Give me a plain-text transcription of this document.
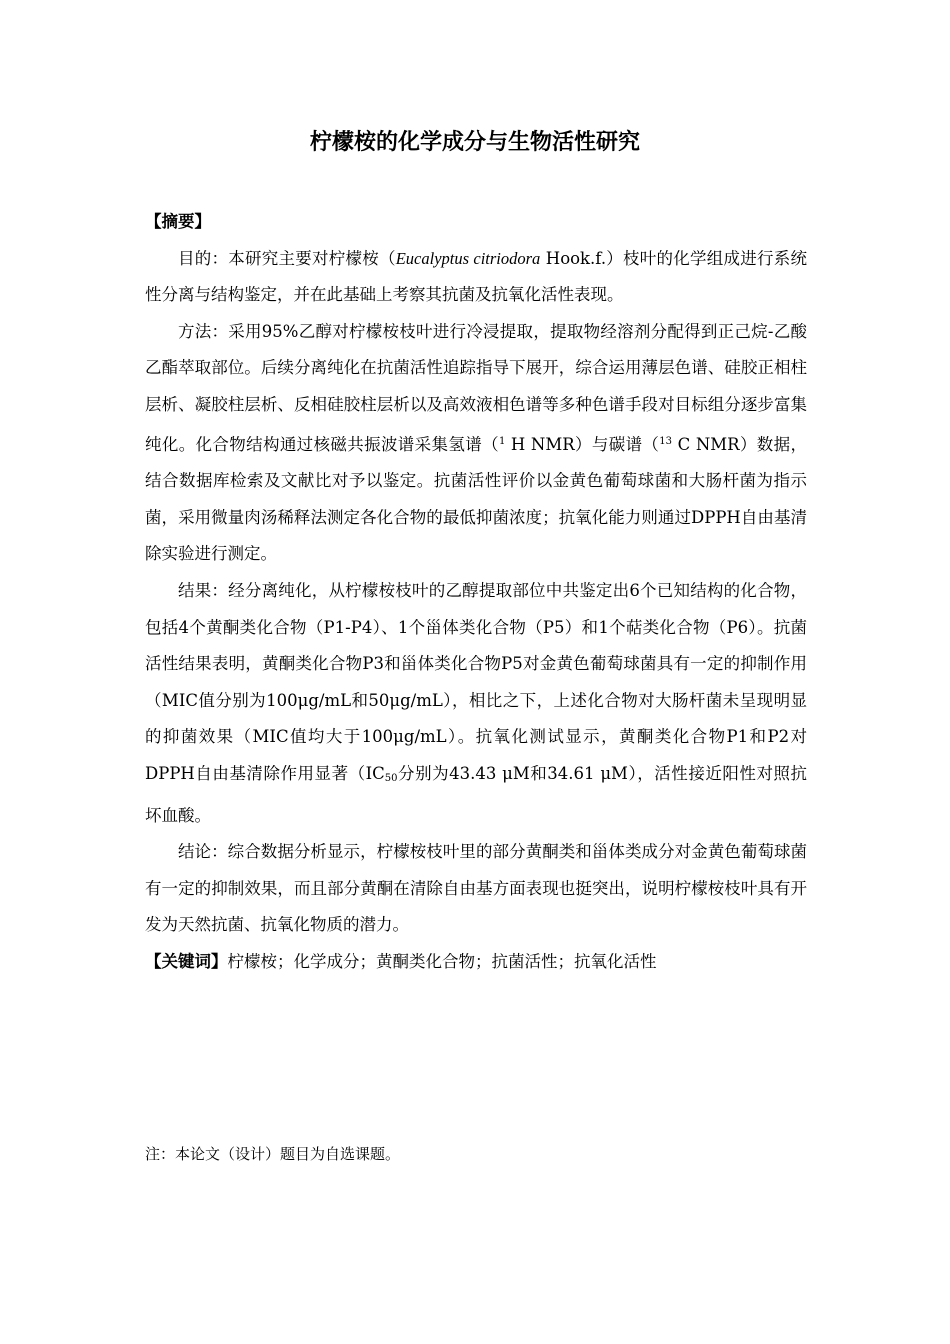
柠檬桉的化学成分与生物活性研究
【摘要】

目的：本研究主要对柠檬桉（Eucalyptus citriodora Hook.f.）枝叶的化学组成进行系统性分离与结构鉴定，并在此基础上考察其抗菌及抗氧化活性表现。

方法：采用95%乙醇对柠檬桉枝叶进行冷浸提取，提取物经溶剂分配得到正己烷-乙酸乙酯萃取部位。后续分离纯化在抗菌活性追踪指导下展开，综合运用薄层色谱、硅胶正相柱层析、凝胶柱层析、反相硅胶柱层析以及高效液相色谱等多种色谱手段对目标组分逐步富集纯化。化合物结构通过核磁共振波谱采集氢谱（$^1$ H NMR）与碳谱（$^{13}$ C NMR）数据，结合数据库检索及文献比对予以鉴定。抗菌活性评价以金黄色葡萄球菌和大肠杆菌为指示菌，采用微量肉汤稀释法测定各化合物的最低抑菌浓度；抗氧化能力则通过DPPH自由基清除实验进行测定。

结果：经分离纯化，从柠檬桉枝叶的乙醇提取部位中共鉴定出6个已知结构的化合物，包括4个黄酮类化合物（P1-P4）、1个甾体类化合物（P5）和1个萜类化合物（P6）。抗菌活性结果表明，黄酮类化合物P3和甾体类化合物P5对金黄色葡萄球菌具有一定的抑制作用（MIC值分别为100μg/mL和50μg/mL），相比之下，上述化合物对大肠杆菌未呈现明显的抑菌效果（MIC值均大于100μg/mL）。抗氧化测试显示，黄酮类化合物P1和P2对DPPH自由基清除作用显著（$IC_{50}$分别为43.43 μM和34.61 μM），活性接近阳性对照抗坏血酸。

结论：综合数据分析显示，柠檬桉枝叶里的部分黄酮类和甾体类成分对金黄色葡萄球菌有一定的抑制效果，而且部分黄酮在清除自由基方面表现也挺突出，说明柠檬桉枝叶具有开发为天然抗菌、抗氧化物质的潜力。

【关键词】柠檬桉；化学成分；黄酮类化合物；抗菌活性；抗氧化活性

注：本论文（设计）题目为自选课题。
